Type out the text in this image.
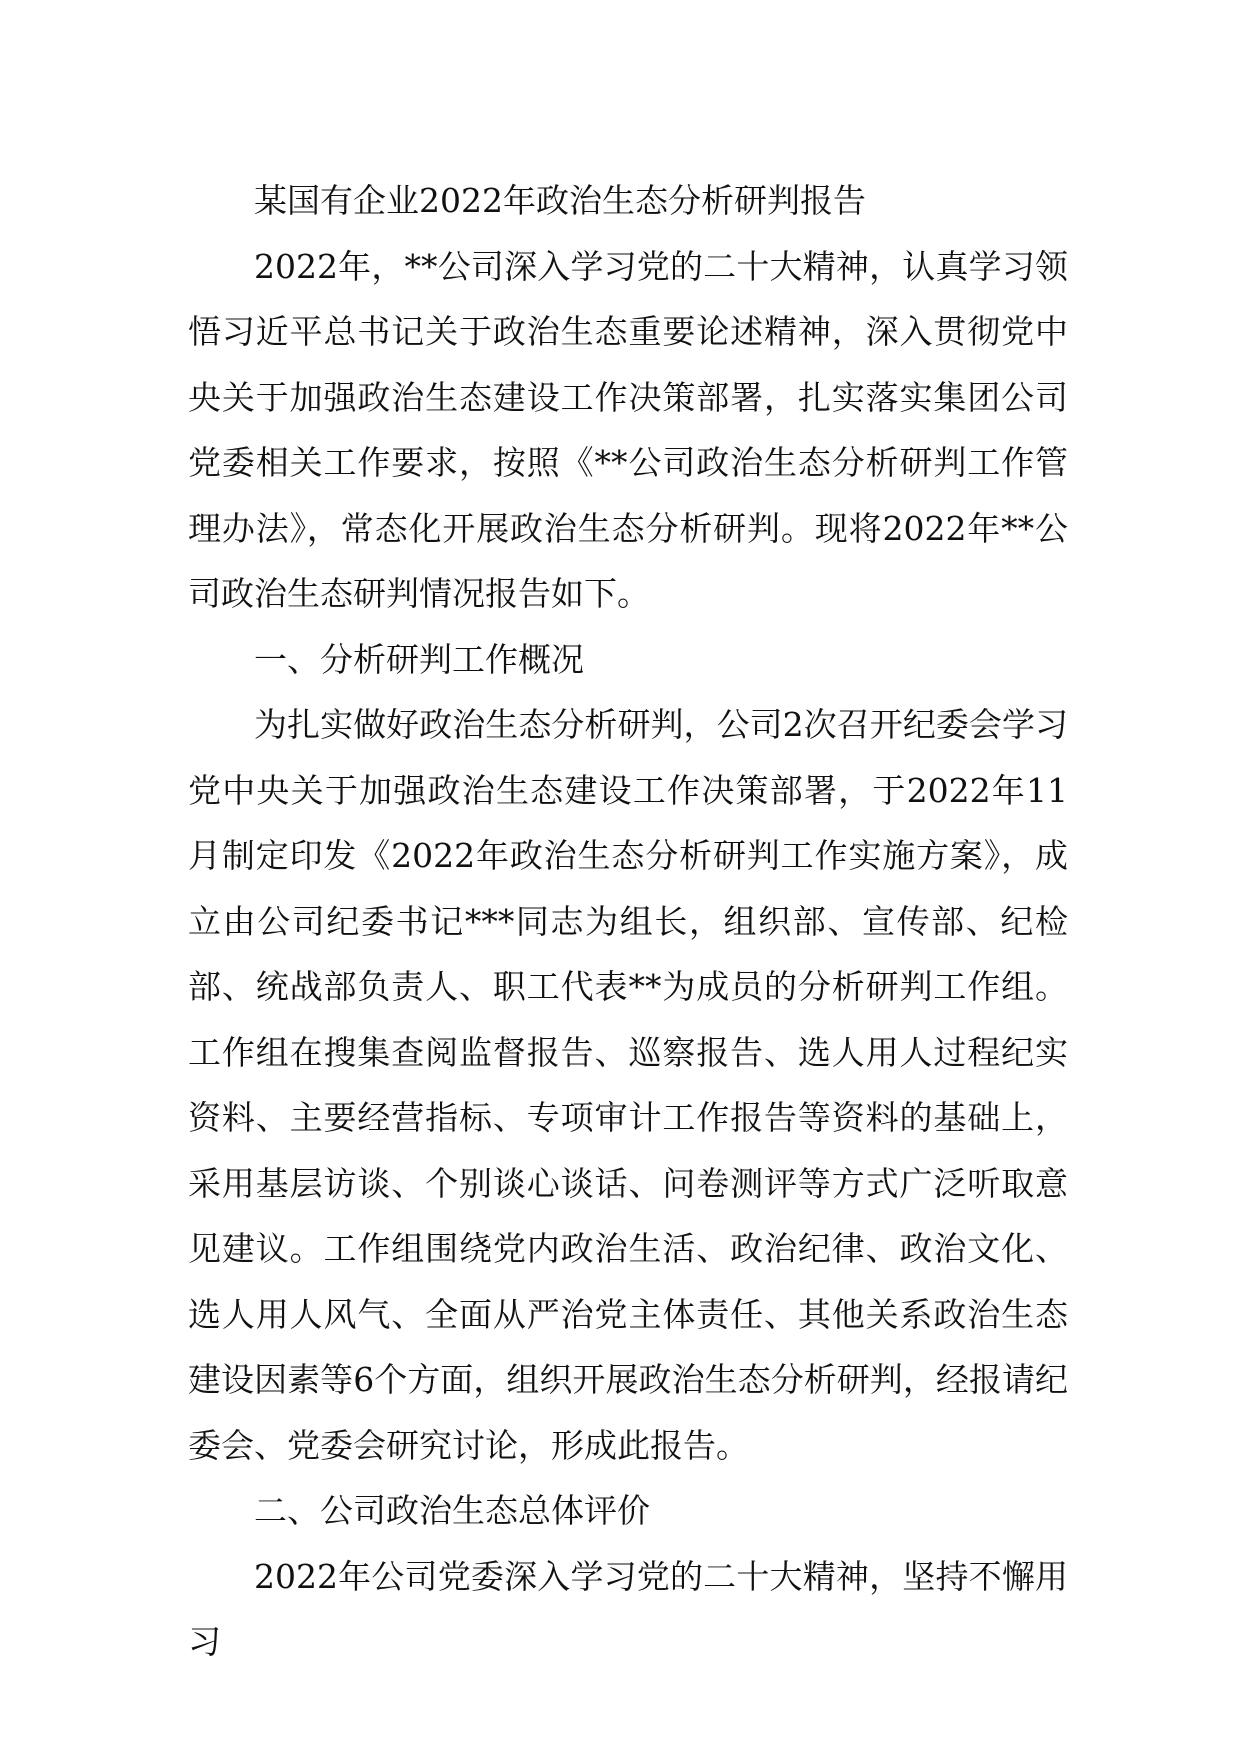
某国有企业2022年政治生态分析研判报告

2022年，**公司深入学习党的二十大精神，认真学习领悟习近平总书记关于政治生态重要论述精神，深入贯彻党中央关于加强政治生态建设工作决策部署，扎实落实集团公司党委相关工作要求，按照《**公司政治生态分析研判工作管理办法》，常态化开展政治生态分析研判。现将2022年**公司政治生态研判情况报告如下。

一、分析研判工作概况

为扎实做好政治生态分析研判，公司2次召开纪委会学习党中央关于加强政治生态建设工作决策部署，于2022年11月制定印发《2022年政治生态分析研判工作实施方案》，成立由公司纪委书记***同志为组长，组织部、宣传部、纪检部、统战部负责人、职工代表**为成员的分析研判工作组。工作组在搜集查阅监督报告、巡察报告、选人用人过程纪实资料、主要经营指标、专项审计工作报告等资料的基础上，采用基层访谈、个别谈心谈话、问卷测评等方式广泛听取意见建议。工作组围绕党内政治生活、政治纪律、政治文化、选人用人风气、全面从严治党主体责任、其他关系政治生态建设因素等6个方面，组织开展政治生态分析研判，经报请纪委会、党委会研究讨论，形成此报告。

二、公司政治生态总体评价

2022年公司党委深入学习党的二十大精神，坚持不懈用习
